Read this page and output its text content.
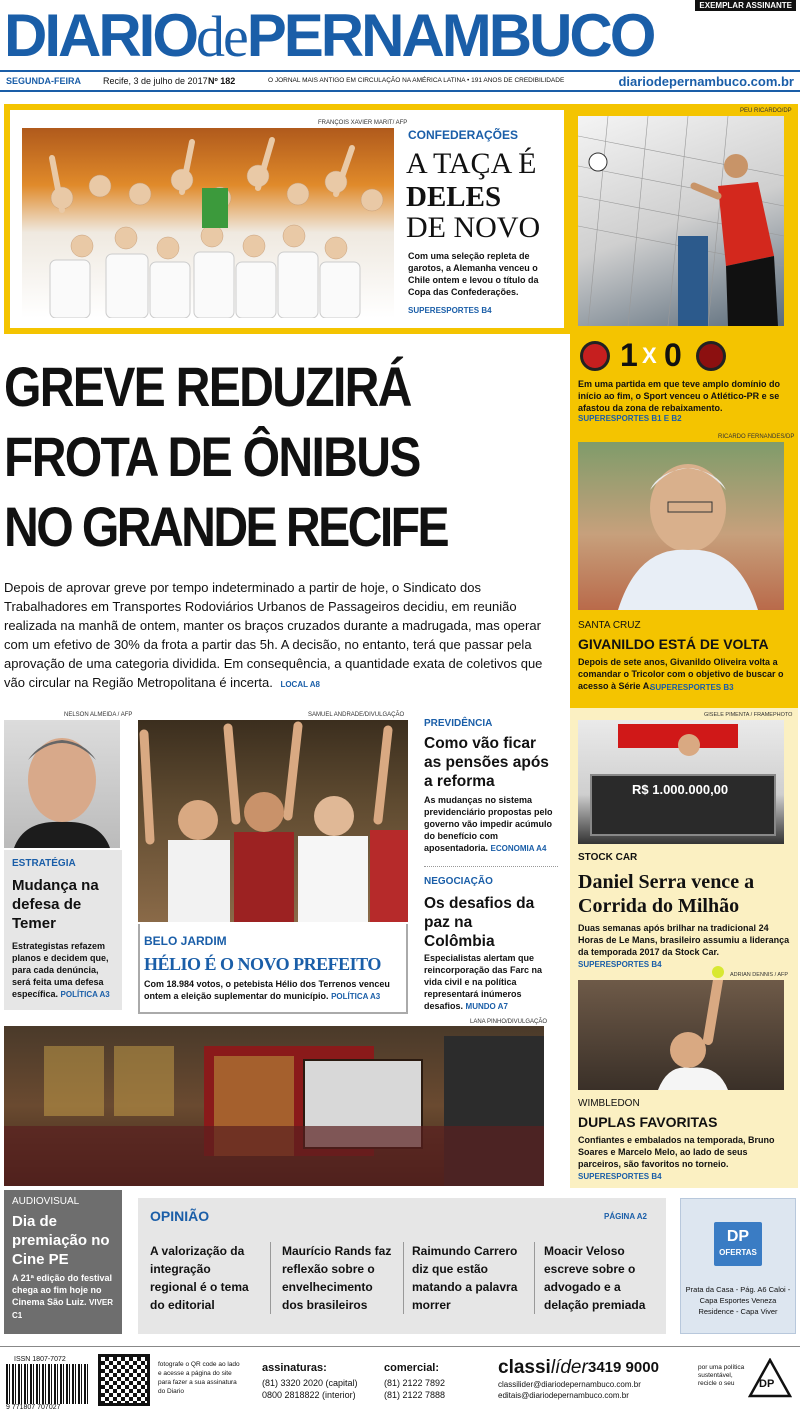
DIARIOdePERNAMBUCO	EXEMPLAR ASSINANTE
SEGUNDA-FEIRA Recife, 3 de julho de 2017 Nº 182	O JORNAL MAIS ANTIGO EM CIRCULAÇÃO NA AMÉRICA LATINA • 191 ANOS DE CREDIBILIDADE	diariodepernambuco.com.br
FRANÇOIS XAVIER MARIT/ AFP
CONFEDERAÇÕES
A TAÇA É
DELES
DE NOVO
Com uma seleção repleta de garotos, a Alemanha venceu o Chile ontem e levou o título da Copa das Confederações.
SUPERESPORTES B4
PEU RICARDO/DP
1 X 0
Em uma partida em que teve amplo domínio do início ao fim, o Sport venceu o Atlético-PR e se afastou da zona de rebaixamento.
SUPERESPORTES B1 E B2
RICARDO FERNANDES/DP
SANTA CRUZ
GIVANILDO ESTÁ DE VOLTA
Depois de sete anos, Givanildo Oliveira volta a comandar o Tricolor com o objetivo de buscar o acesso à Série A.
SUPERESPORTES B3
GREVE REDUZIRÁ
FROTA DE ÔNIBUS
NO GRANDE RECIFE
Depois de aprovar greve por tempo indeterminado a partir de hoje, o Sindicato dos Trabalhadores em Transportes Rodoviários Urbanos de Passageiros decidiu, em reunião realizada na manhã de ontem, manter os braços cruzados durante a madrugada, mas operar com um efetivo de 30% da frota a partir das 5h. A decisão, no entanto, terá que passar pela aprovação de uma categoria dividida. Em consequência, a quantidade exata de coletivos que vão circular na Região Metropolitana é incerta. LOCAL A8
NELSON ALMEIDA / AFP
ESTRATÉGIA
Mudança na defesa de Temer
Estrategistas refazem planos e decidem que, para cada denúncia, será feita uma defesa específica. POLÍTICA A3
SAMUEL ANDRADE/DIVULGAÇÃO
BELO JARDIM
HÉLIO É O NOVO PREFEITO
Com 18.984 votos, o petebista Hélio dos Terrenos venceu ontem a eleição suplementar do município. POLÍTICA A3
PREVIDÊNCIA
Como vão ficar as pensões após a reforma
As mudanças no sistema previdenciário propostas pelo governo vão impedir acúmulo do benefício com aposentadoria. ECONOMIA A4
NEGOCIAÇÃO
Os desafios da paz na Colômbia
Especialistas alertam que reincorporação das Farc na vida civil e na política representará inúmeros desafios. MUNDO A7
GISELE PIMENTA / FRAMEPHOTO
R$ 1.000.000,00
STOCK CAR
Daniel Serra vence a Corrida do Milhão
Duas semanas após brilhar na tradicional 24 Horas de Le Mans, brasileiro assumiu a liderança da temporada 2017 da Stock Car. SUPERESPORTES B4
ADRIAN DENNIS / AFP
WIMBLEDON
DUPLAS FAVORITAS
Confiantes e embalados na temporada, Bruno Soares e Marcelo Melo, ao lado de seus parceiros, são favoritos no torneio. SUPERESPORTES B4
LANA PINHO/DIVULGAÇÃO
AUDIOVISUAL
Dia de premiação no Cine PE
A 21ª edição do festival chega ao fim hoje no Cinema São Luiz. VIVER C1
OPINIÃO	PÁGINA A2
A valorização da integração regional é o tema do editorial
Maurício Rands faz reflexão sobre o envelhecimento dos brasileiros
Raimundo Carrero diz que estão matando a palavra morrer
Moacir Veloso escreve sobre o advogado e a delação premiada
DP
OFERTAS
Prata da Casa - Pág. A6 Caloi - Capa Esportes Veneza Residence - Capa Viver
ISSN 1807-7072
9 771807 707027
fotografe o QR code ao lado e acesse a página do site para fazer a sua assinatura do Diario
assinaturas:
(81) 3320 2020 (capital)
0800 2818822 (interior)
comercial:
(81) 2122 7892
(81) 2122 7888
classilíder 3419 9000
classilider@diariodepernambuco.com.br
editais@diariodepernambuco.com.br
por uma política sustentável, recicle o seu	DP
